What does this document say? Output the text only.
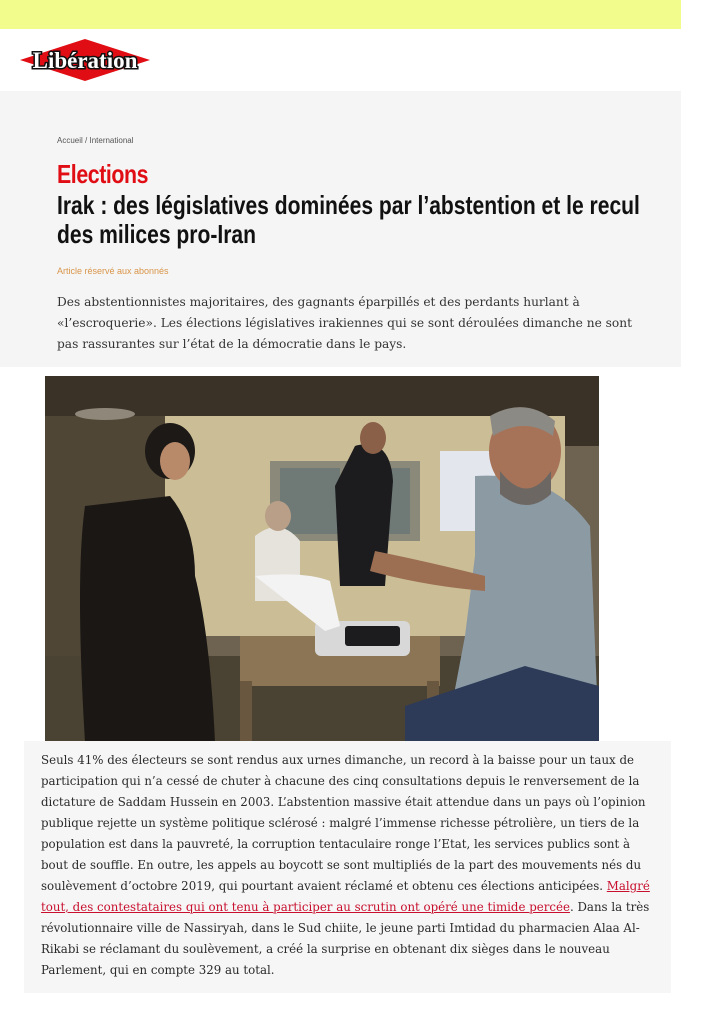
Libération
Accueil / International
Elections
Irak : des législatives dominées par l’abstention et le recul des milices pro-Iran
Article réservé aux abonnés

Des abstentionnistes majoritaires, des gagnants éparpillés et des perdants hurlant à «l’escroquerie». Les élections législatives irakiennes qui se sont déroulées dimanche ne sont pas rassurantes sur l’état de la démocratie dans le pays.

Seuls 41% des électeurs se sont rendus aux urnes dimanche, un record à la baisse pour un taux de participation qui n’a cessé de chuter à chacune des cinq consultations depuis le renversement de la dictature de Saddam Hussein en 2003. L’abstention massive était attendue dans un pays où l’opinion publique rejette un système politique sclérosé : malgré l’immense richesse pétrolière, un tiers de la population est dans la pauvreté, la corruption tentaculaire ronge l’Etat, les services publics sont à bout de souffle. En outre, les appels au boycott se sont multipliés de la part des mouvements nés du soulèvement d’octobre 2019, qui pourtant avaient réclamé et obtenu ces élections anticipées. Malgré tout, des contestataires qui ont tenu à participer au scrutin ont opéré une timide percée. Dans la très révolutionnaire ville de Nassiryah, dans le Sud chiite, le jeune parti Imtidad du pharmacien Alaa Al-Rikabi se réclamant du soulèvement, a créé la surprise en obtenant dix sièges dans le nouveau Parlement, qui en compte 329 au total.
